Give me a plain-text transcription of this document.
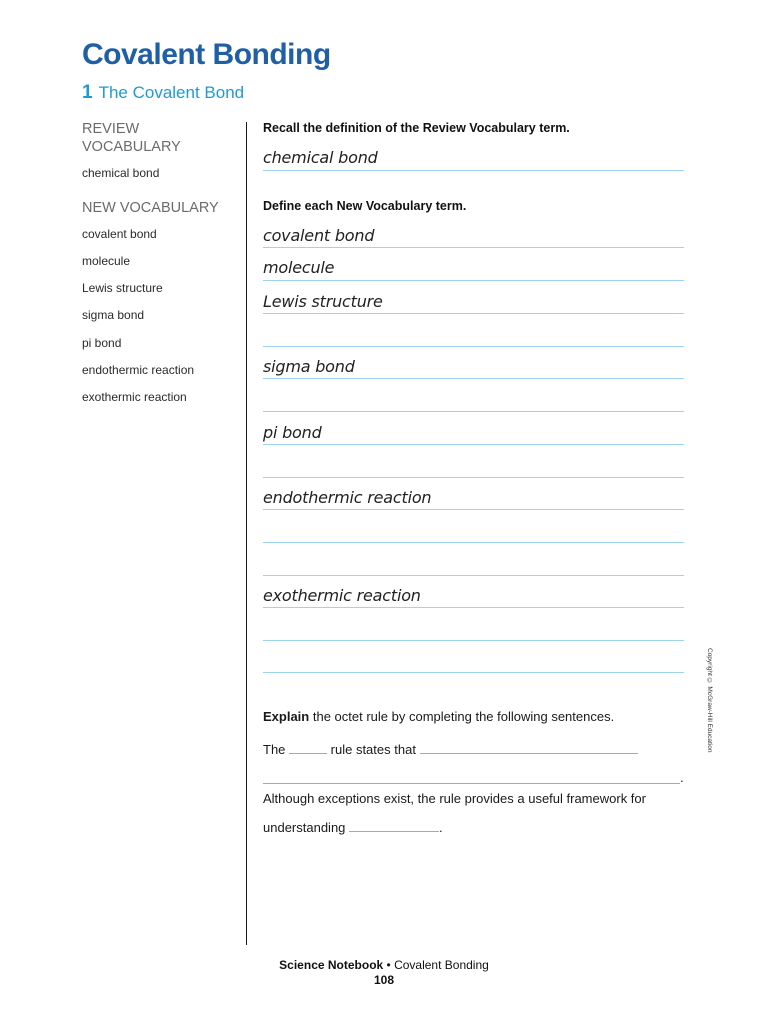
Covalent Bonding
1 The Covalent Bond
REVIEW
VOCABULARY
chemical bond
NEW VOCABULARY
covalent bond
molecule
Lewis structure
sigma bond
pi bond
endothermic reaction
exothermic reaction
Recall the definition of the Review Vocabulary term.
chemical bond
Define each New Vocabulary term.
covalent bond
molecule
Lewis structure
sigma bond
pi bond
endothermic reaction
exothermic reaction
Explain the octet rule by completing the following sentences.
The	rule states that
.
Although exceptions exist, the rule provides a useful framework for
understanding	.
Copyright © McGraw-Hill Education
Science Notebook • Covalent Bonding
108
